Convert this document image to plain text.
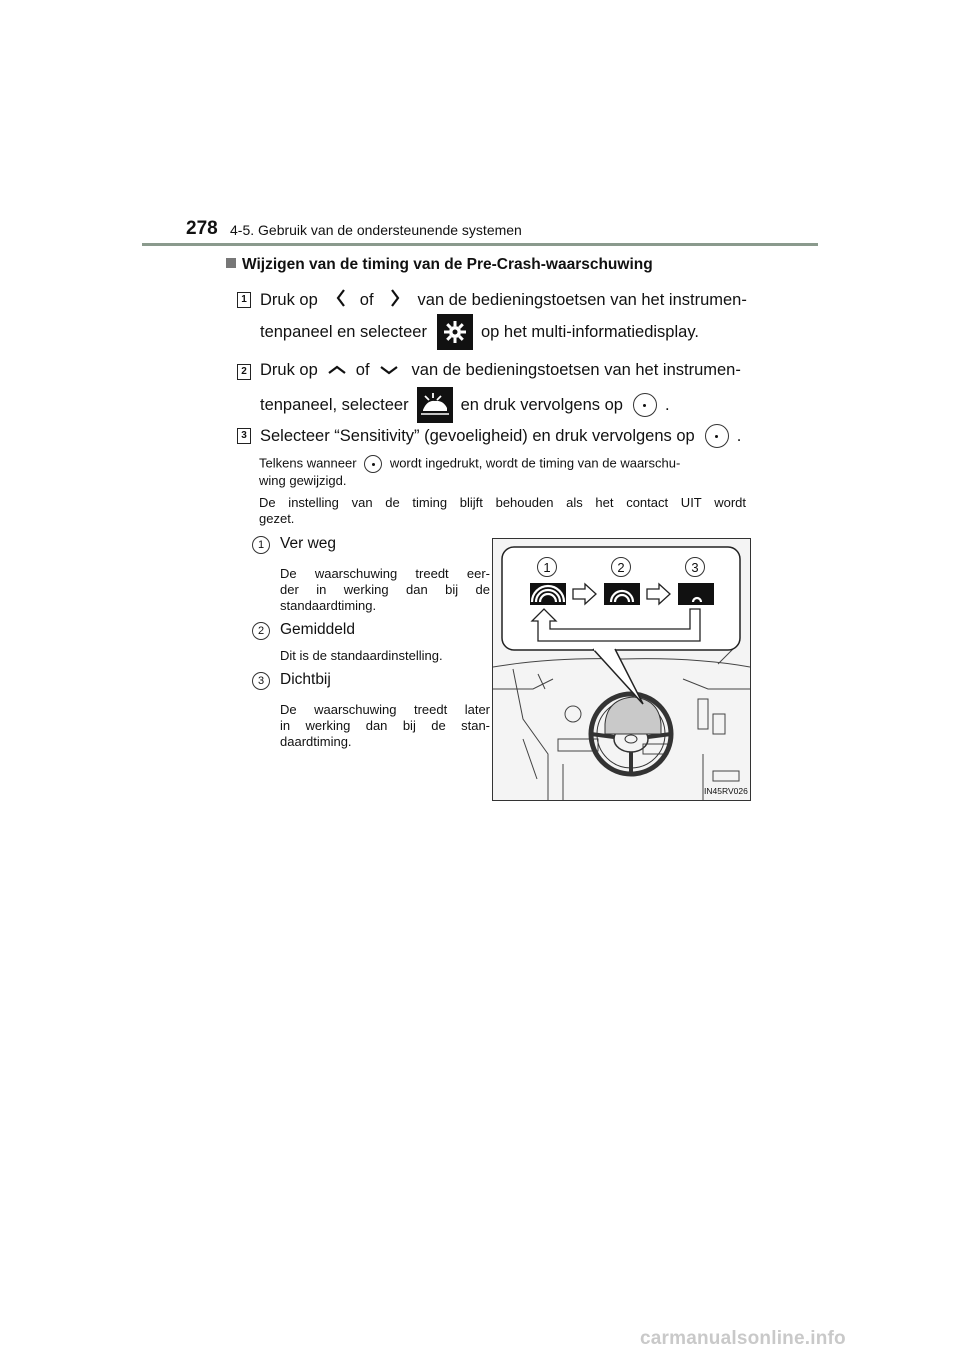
278 4-5. Gebruik van de ondersteunende systemen
Wijzigen van de timing van de Pre-Crash-waarschuwing
1 Druk op	of	van de bedieningstoetsen van het instrumen-
tenpaneel en selecteer	op het multi-informatiedisplay.
2 Druk op of	van de bedieningstoetsen van het instrumen-
tenpaneel, selecteer	en druk vervolgens op	.
3 Selecteer “Sensitivity” (gevoeligheid) en druk vervolgens op	.
Telkens wanneer	wordt ingedrukt, wordt de timing van de waarschu-
wing gewijzigd.
De instelling van de timing blijft behouden als het contact UIT wordt
gezet.
1	Ver weg
De waarschuwing treedt eer-
der in werking dan bij de
standaardtiming.
2	Gemiddeld
Dit is de standaardinstelling.
3	Dichtbij
De waarschuwing treedt later
in werking dan bij de stan-
daardtiming.
1	2	3
IN45RV026
carmanualsonline.info
